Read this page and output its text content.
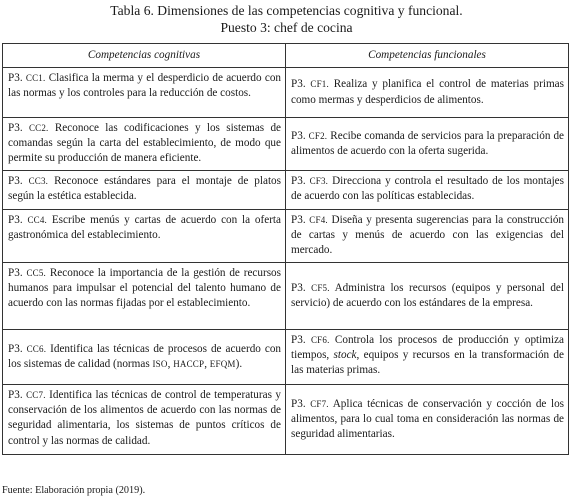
Tabla 6. Dimensiones de las competencias cognitiva y funcional.
Puesto 3: chef de cocina
Competencias cognitivas	Competencias funcionales
P3. CC1. Clasifica la merma y el desperdicio de acuerdo con las normas y los controles para la reducción de costos.	P3. CF1. Realiza y planifica el control de materias primas como mermas y desperdicios de alimentos.
P3. CC2. Reconoce las codificaciones y los sistemas de comandas según la carta del establecimiento, de modo que permite su producción de manera eficiente.	P3. CF2. Recibe comanda de servicios para la preparación de alimentos de acuerdo con la oferta sugerida.
P3. CC3. Reconoce estándares para el montaje de platos según la estética establecida.	P3. CF3. Direcciona y controla el resultado de los montajes de acuerdo con las políticas establecidas.
P3. CC4. Escribe menús y cartas de acuerdo con la oferta gastronómica del establecimiento.	P3. CF4. Diseña y presenta sugerencias para la construcción de cartas y menús de acuerdo con las exigencias del mercado.
P3. CC5. Reconoce la importancia de la gestión de recursos humanos para impulsar el potencial del talento humano de acuerdo con las normas fijadas por el establecimiento.	P3. CF5. Administra los recursos (equipos y personal del servicio) de acuerdo con los estándares de la empresa.
P3. CC6. Identifica las técnicas de procesos de acuerdo con los sistemas de calidad (normas ISO, HACCP, EFQM).	P3. CF6. Controla los procesos de producción y optimiza tiempos, stock, equipos y recursos en la transformación de las materias primas.
P3. CC7. Identifica las técnicas de control de temperaturas y conservación de los alimentos de acuerdo con las normas de seguridad alimentaria, los sistemas de puntos críticos de control y las normas de calidad.	P3. CF7. Aplica técnicas de conservación y cocción de los alimentos, para lo cual toma en consideración las normas de seguridad alimentarias.
Fuente: Elaboración propia (2019).
